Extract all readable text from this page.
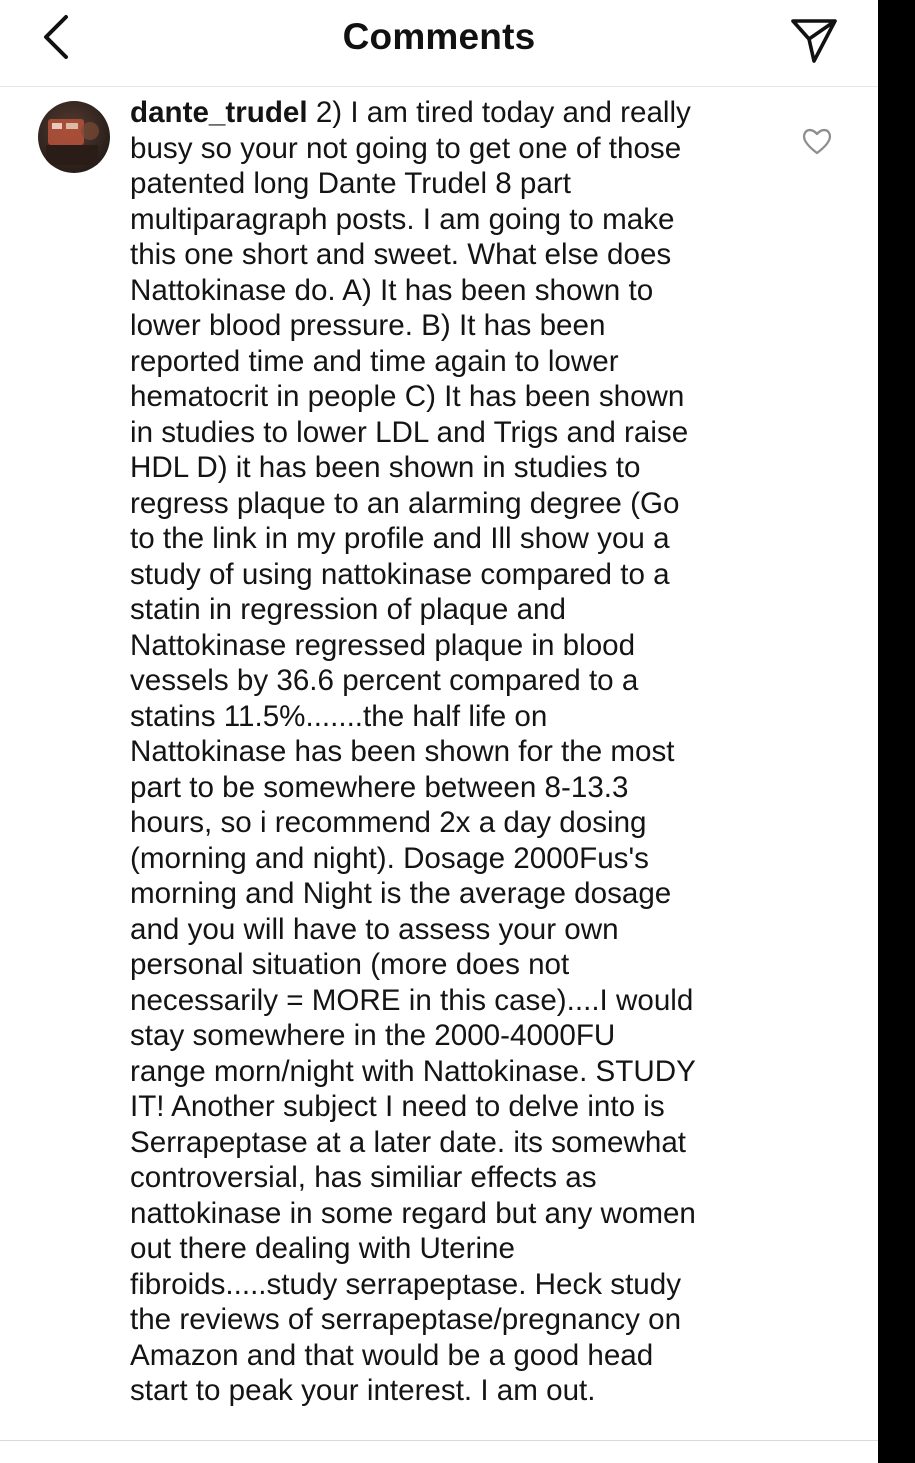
Comments
dante_trudel 2) I am tired today and really
busy so your not going to get one of those
patented long Dante Trudel 8 part
multiparagraph posts. I am going to make
this one short and sweet. What else does
Nattokinase do. A) It has been shown to
lower blood pressure. B) It has been
reported time and time again to lower
hematocrit in people C) It has been shown
in studies to lower LDL and Trigs and raise
HDL D) it has been shown in studies to
regress plaque to an alarming degree (Go
to the link in my profile and Ill show you a
study of using nattokinase compared to a
statin in regression of plaque and
Nattokinase regressed plaque in blood
vessels by 36.6 percent compared to a
statins 11.5%.......the half life on
Nattokinase has been shown for the most
part to be somewhere between 8-13.3
hours, so i recommend 2x a day dosing
(morning and night). Dosage 2000Fus's
morning and Night is the average dosage
and you will have to assess your own
personal situation (more does not
necessarily = MORE in this case)....I would
stay somewhere in the 2000-4000FU
range morn/night with Nattokinase. STUDY
IT! Another subject I need to delve into is
Serrapeptase at a later date. its somewhat
controversial, has similiar effects as
nattokinase in some regard but any women
out there dealing with Uterine
fibroids.....study serrapeptase. Heck study
the reviews of serrapeptase/pregnancy on
Amazon and that would be a good head
start to peak your interest. I am out.
